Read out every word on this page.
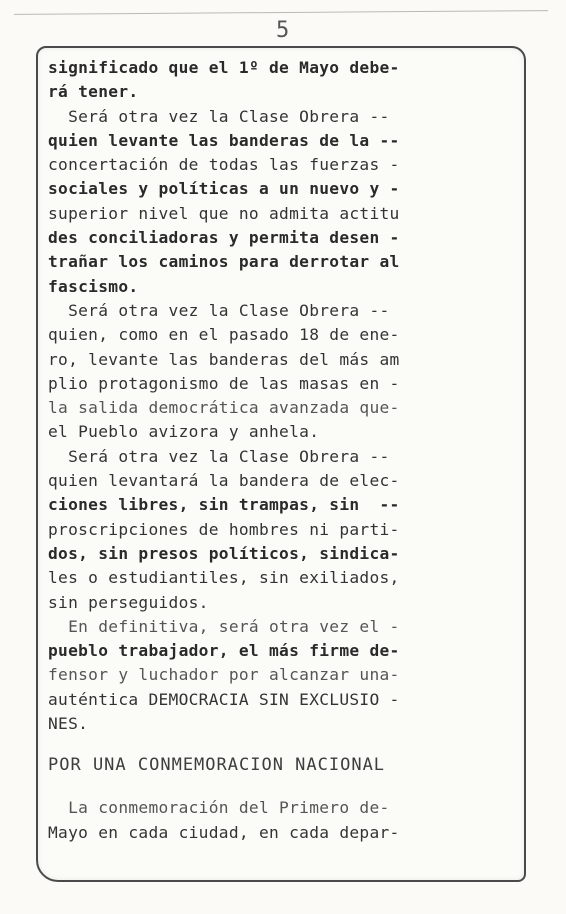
5
significado que el 1º de Mayo debe-
rá tener.
Será otra vez la Clase Obrera --
quien levante las banderas de la --
concertación de todas las fuerzas -
sociales y políticas a un nuevo y -
superior nivel que no admita actitu
des conciliadoras y permita desen -
trañar los caminos para derrotar al
fascismo.
Será otra vez la Clase Obrera --
quien, como en el pasado 18 de ene-
ro, levante las banderas del más am
plio protagonismo de las masas en -
la salida democrática avanzada que-
el Pueblo avizora y anhela.
Será otra vez la Clase Obrera --
quien levantará la bandera de elec-
ciones libres, sin trampas, sin  --
proscripciones de hombres ni parti-
dos, sin presos políticos, sindica-
les o estudiantiles, sin exiliados,
sin perseguidos.
En definitiva, será otra vez el -
pueblo trabajador, el más firme de-
fensor y luchador por alcanzar una-
auténtica DEMOCRACIA SIN EXCLUSIO -
NES.
POR UNA CONMEMORACION NACIONAL
La conmemoración del Primero de-
Mayo en cada ciudad, en cada depar-
